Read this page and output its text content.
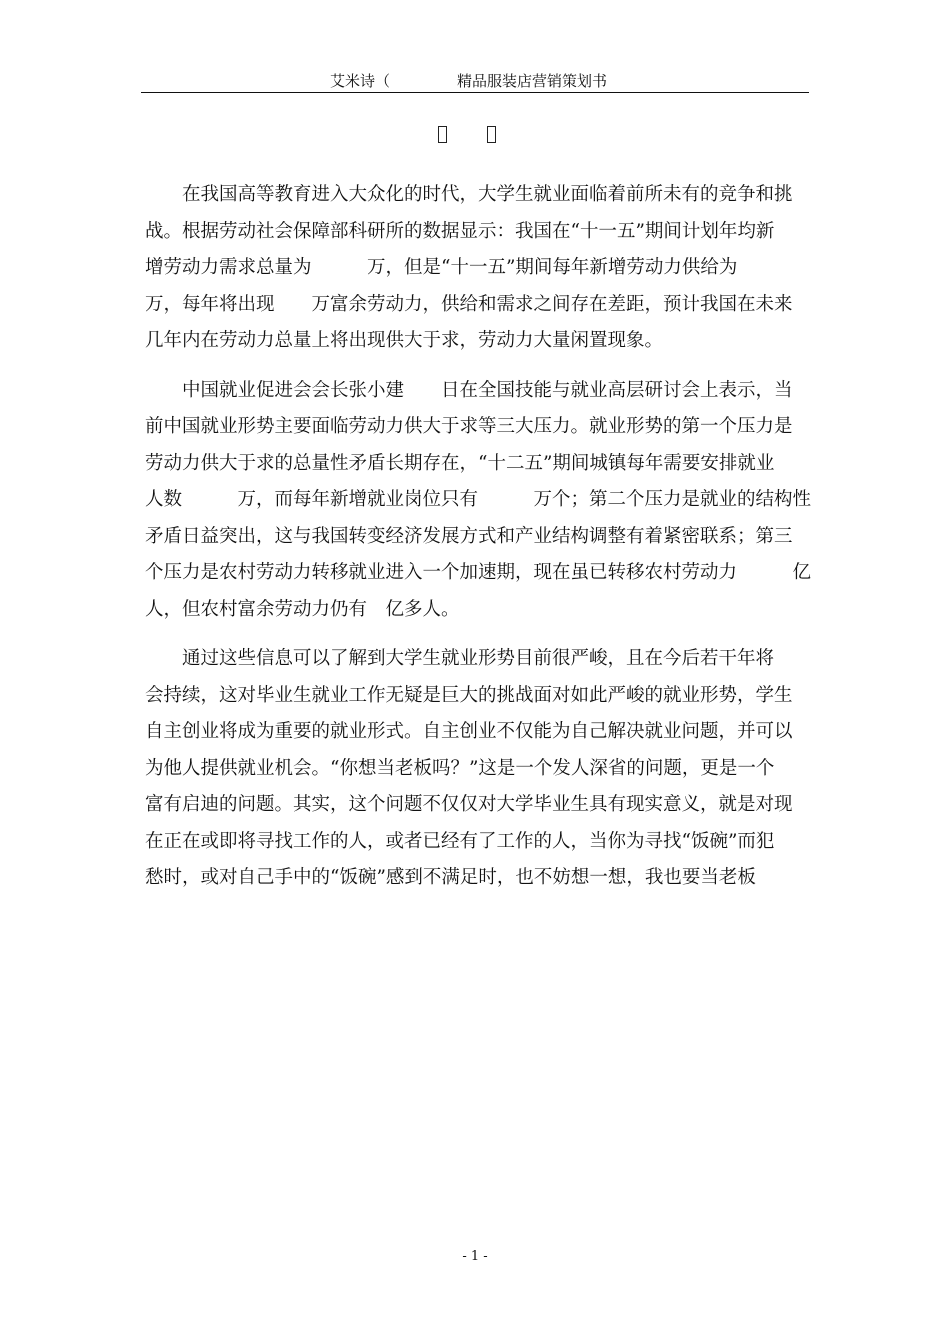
艾米诗（	精品服装店营销策划书
　　在我国高等教育进入大众化的时代，大学生就业面临着前所未有的竞争和挑
战。根据劳动社会保障部科研所的数据显示：我国在“十一五”期间计划年均新
增劳动力需求总量为　　　万，但是“十一五”期间每年新增劳动力供给为
万，每年将出现　　万富余劳动力，供给和需求之间存在差距，预计我国在未来
几年内在劳动力总量上将出现供大于求，劳动力大量闲置现象。
　　中国就业促进会会长张小建　　日在全国技能与就业高层研讨会上表示，当
前中国就业形势主要面临劳动力供大于求等三大压力。就业形势的第一个压力是
劳动力供大于求的总量性矛盾长期存在，“十二五”期间城镇每年需要安排就业
人数　　　万，而每年新增就业岗位只有　　　万个；第二个压力是就业的结构性
矛盾日益突出，这与我国转变经济发展方式和产业结构调整有着紧密联系；第三
个压力是农村劳动力转移就业进入一个加速期，现在虽已转移农村劳动力　　　亿
人，但农村富余劳动力仍有　亿多人。
　　通过这些信息可以了解到大学生就业形势目前很严峻，且在今后若干年将
会持续，这对毕业生就业工作无疑是巨大的挑战面对如此严峻的就业形势，学生
自主创业将成为重要的就业形式。自主创业不仅能为自己解决就业问题，并可以
为他人提供就业机会。“你想当老板吗？”这是一个发人深省的问题，更是一个
富有启迪的问题。其实，这个问题不仅仅对大学毕业生具有现实意义，就是对现
在正在或即将寻找工作的人，或者已经有了工作的人，当你为寻找“饭碗”而犯
愁时，或对自己手中的“饭碗”感到不满足时，也不妨想一想，我也要当老板
- 1 -
